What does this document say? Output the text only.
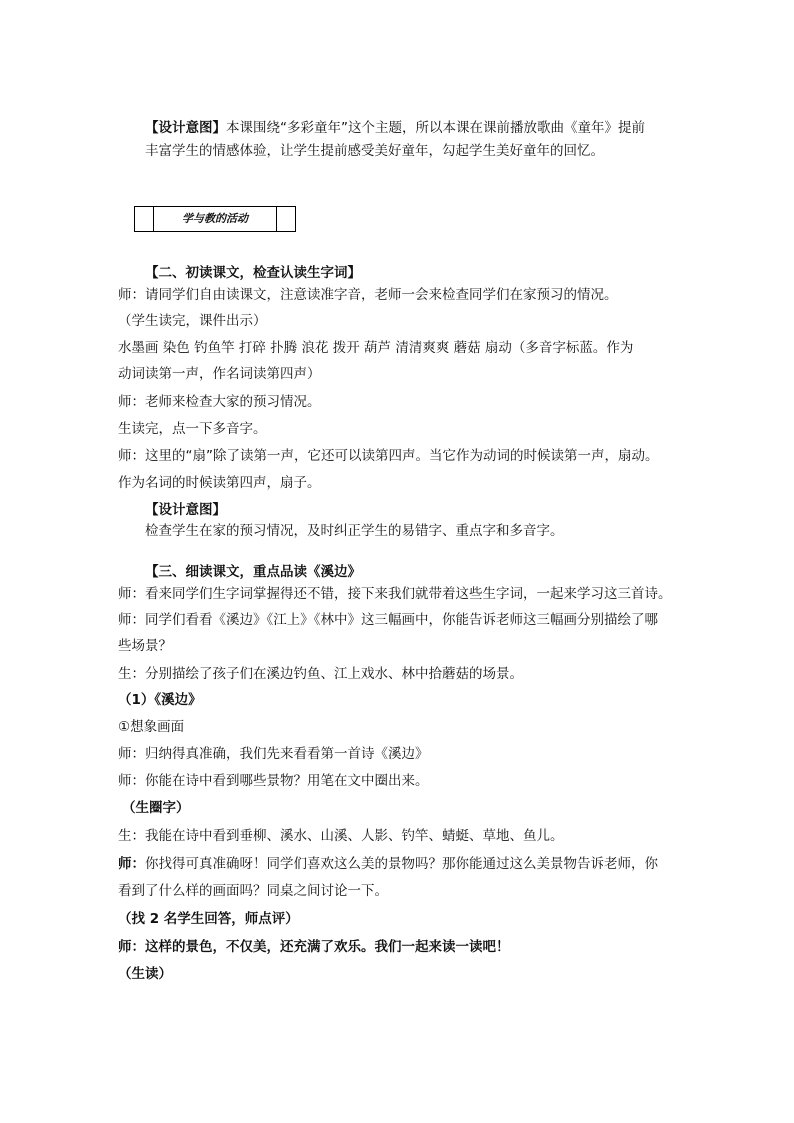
【设计意图】本课围绕“多彩童年”这个主题，所以本课在课前播放歌曲《童年》提前
丰富学生的情感体验，让学生提前感受美好童年，勾起学生美好童年的回忆。
学与教的活动
【二、初读课文，检查认读生字词】
师：请同学们自由读课文，注意读准字音，老师一会来检查同学们在家预习的情况。
（学生读完，课件出示）
水墨画 染色 钓鱼竿 打碎 扑腾 浪花 拨开 葫芦 清清爽爽 蘑菇 扇动（多音字标蓝。作为
动词读第一声，作名词读第四声）
师：老师来检查大家的预习情况。
生读完，点一下多音字。
师：这里的“扇”除了读第一声，它还可以读第四声。当它作为动词的时候读第一声，扇动。
作为名词的时候读第四声，扇子。
【设计意图】
检查学生在家的预习情况，及时纠正学生的易错字、重点字和多音字。
【三、细读课文，重点品读《溪边》
师：看来同学们生字词掌握得还不错，接下来我们就带着这些生字词，一起来学习这三首诗。
师：同学们看看《溪边》《江上》《林中》这三幅画中，你能告诉老师这三幅画分别描绘了哪
些场景？
生：分别描绘了孩子们在溪边钓鱼、江上戏水、林中拾蘑菇的场景。
（1）《溪边》
①想象画面
师：归纳得真准确，我们先来看看第一首诗《溪边》
师：你能在诗中看到哪些景物？用笔在文中圈出来。
（生圈字）
生：我能在诗中看到垂柳、溪水、山溪、人影、钓竿、蜻蜓、草地、鱼儿。
师：你找得可真准确呀！同学们喜欢这么美的景物吗？那你能通过这么美景物告诉老师，你
看到了什么样的画面吗？同桌之间讨论一下。
（找 2 名学生回答，师点评）
师：这样的景色，不仅美，还充满了欢乐。我们一起来读一读吧！
（生读）
